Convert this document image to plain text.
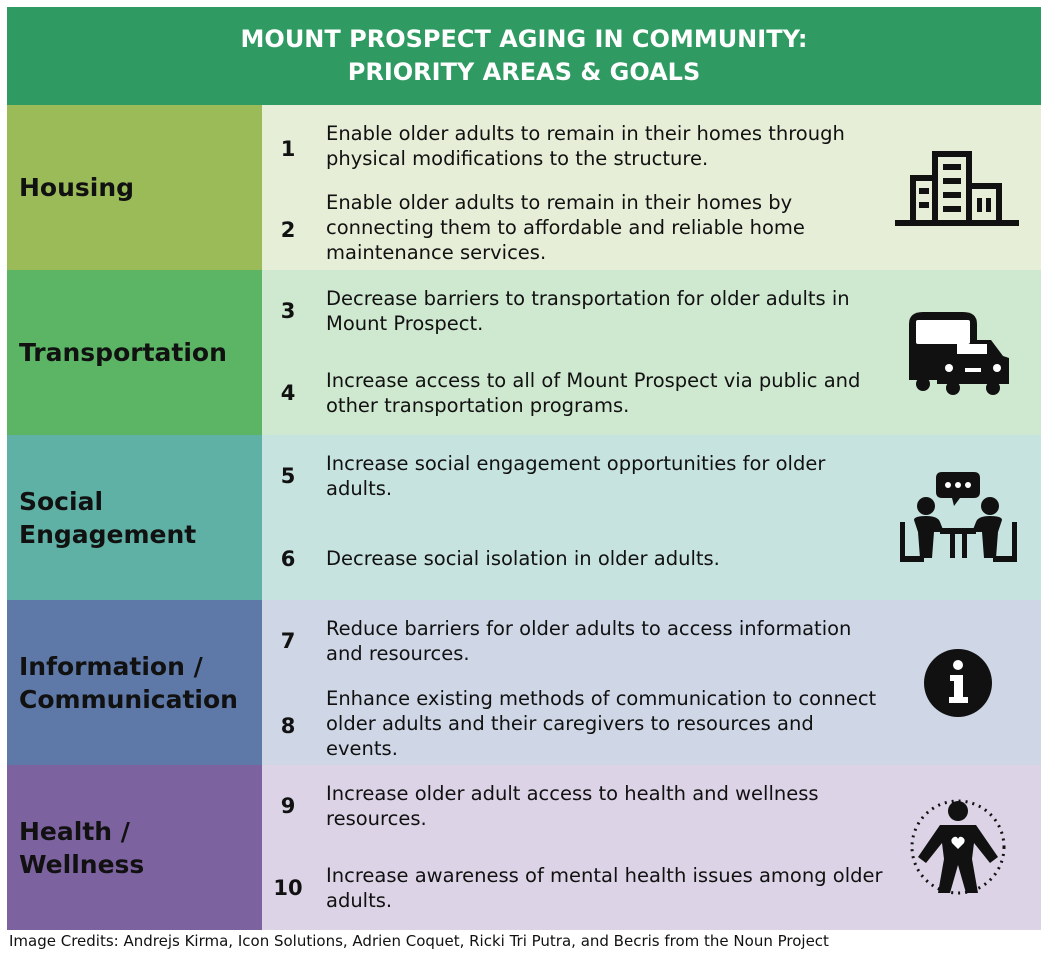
MOUNT PROSPECT AGING IN COMMUNITY:
PRIORITY AREAS & GOALS
Housing
1
Enable older adults to remain in their homes through physical modifications to the structure.
2
Enable older adults to remain in their homes by connecting them to affordable and reliable home maintenance services.
Transportation
3
Decrease barriers to transportation for older adults in Mount Prospect.
4
Increase access to all of Mount Prospect via public and other transportation programs.
Social
Engagement
5
Increase social engagement opportunities for older adults.
6	Decrease social isolation in older adults.
Information /
Communication
7
Reduce barriers for older adults to access information and resources.
8
Enhance existing methods of communication to connect older adults and their caregivers to resources and events.
Health /
Wellness
9
Increase older adult access to health and wellness resources.
10
Increase awareness of mental health issues among older adults.
Image Credits: Andrejs Kirma, Icon Solutions, Adrien Coquet, Ricki Tri Putra, and Becris from the Noun Project
